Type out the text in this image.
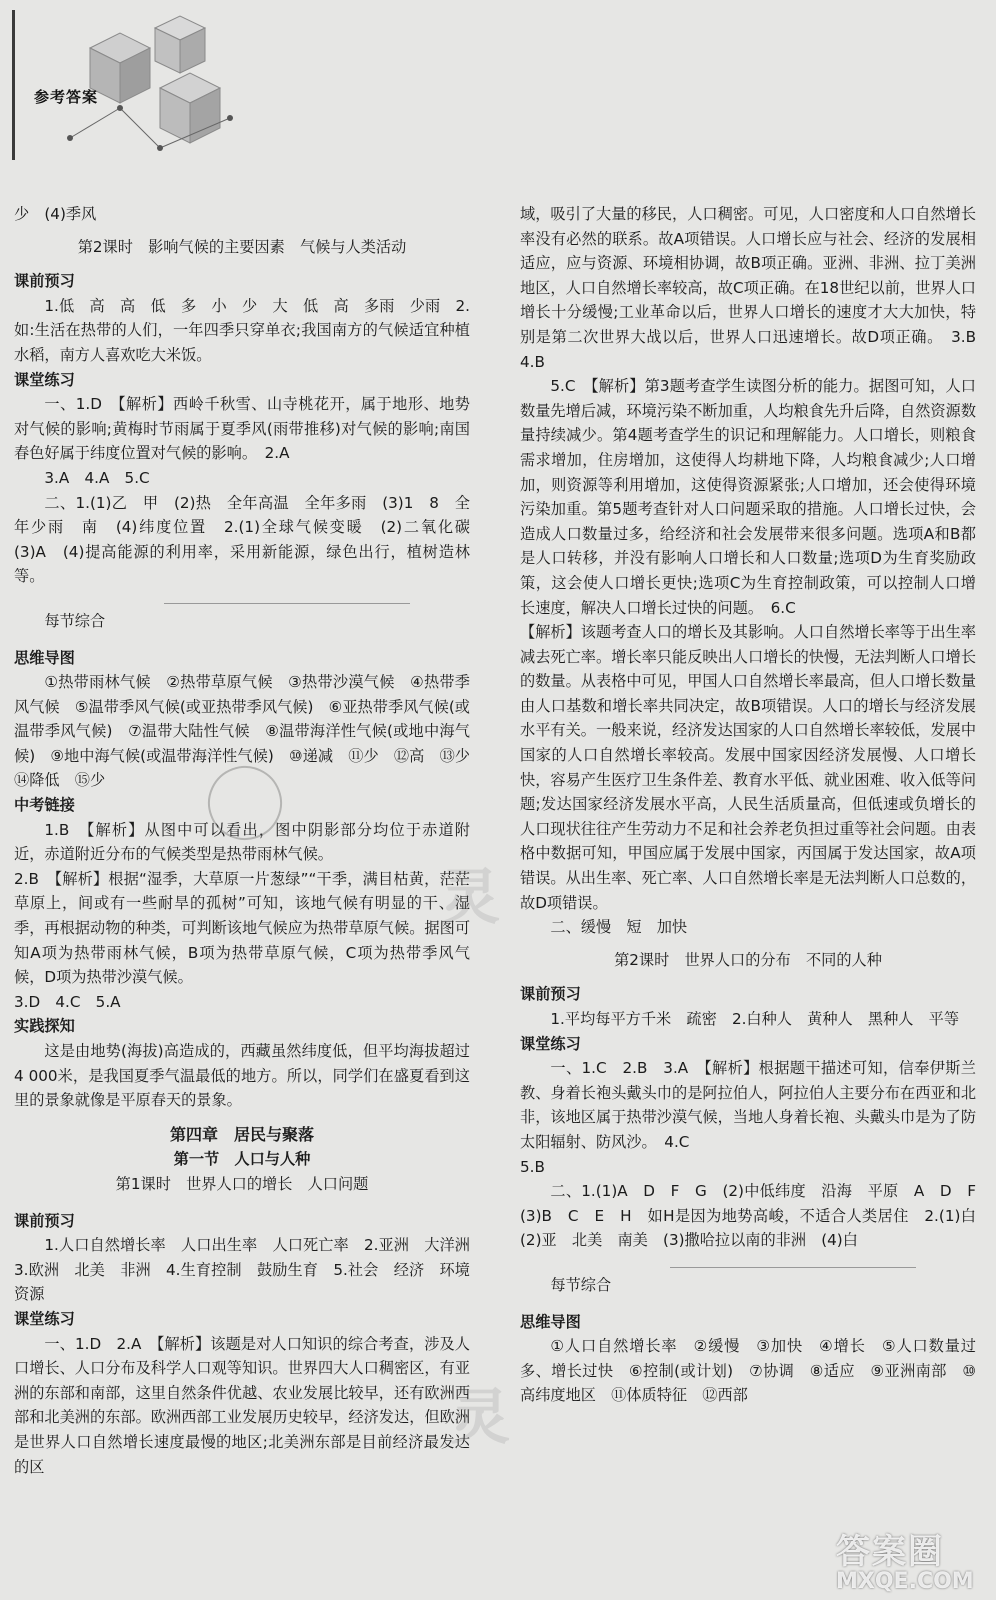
参考答案

少　(4)季风

第2课时　影响气候的主要因素　气候与人类活动

课前预习

1.低　高　高　低　多　小　少　大　低　高　多雨　少雨　2.如:生活在热带的人们，一年四季只穿单衣;我国南方的气候适宜种植水稻，南方人喜欢吃大米饭。

课堂练习

一、1.D　【解析】西岭千秋雪、山寺桃花开，属于地形、地势对气候的影响;黄梅时节雨属于夏季风(雨带推移)对气候的影响;南国春色好属于纬度位置对气候的影响。　2.A

3.A　4.A　5.C

二、1.(1)乙　甲　(2)热　全年高温　全年多雨　(3)1　8　全年少雨　南　(4)纬度位置　2.(1)全球气候变暖　(2)二氧化碳　(3)A　(4)提高能源的利用率，采用新能源，绿色出行，植树造林等。

每节综合

思维导图

①热带雨林气候　②热带草原气候　③热带沙漠气候　④热带季风气候　⑤温带季风气候(或亚热带季风气候)　⑥亚热带季风气候(或温带季风气候)　⑦温带大陆性气候　⑧温带海洋性气候(或地中海气候)　⑨地中海气候(或温带海洋性气候)　⑩递减　⑪少　⑫高　⑬少　⑭降低　⑮少

中考链接

1.B　【解析】从图中可以看出，图中阴影部分均位于赤道附近，赤道附近分布的气候类型是热带雨林气候。

2.B　【解析】根据“湿季，大草原一片葱绿”“干季，满目枯黄，茫茫草原上，间或有一些耐旱的孤树”可知，该地气候有明显的干、湿季，再根据动物的种类，可判断该地气候应为热带草原气候。据图可知A项为热带雨林气候，B项为热带草原气候，C项为热带季风气候，D项为热带沙漠气候。

3.D　4.C　5.A

实践探知

这是由地势(海拔)高造成的，西藏虽然纬度低，但平均海拔超过4 000米，是我国夏季气温最低的地方。所以，同学们在盛夏看到这里的景象就像是平原春天的景象。

第四章　居民与聚落

第一节　人口与人种

第1课时　世界人口的增长　人口问题

课前预习

1.人口自然增长率　人口出生率　人口死亡率　2.亚洲　大洋洲　3.欧洲　北美　非洲　4.生育控制　鼓励生育　5.社会　经济　环境　资源

课堂练习

一、1.D　2.A　【解析】该题是对人口知识的综合考查，涉及人口增长、人口分布及科学人口观等知识。世界四大人口稠密区，有亚洲的东部和南部，这里自然条件优越、农业发展比较早，还有欧洲西部和北美洲的东部。欧洲西部工业发展历史较早，经济发达，但欧洲是世界人口自然增长速度最慢的地区;北美洲东部是目前经济最发达的区

域，吸引了大量的移民，人口稠密。可见，人口密度和人口自然增长率没有必然的联系。故A项错误。人口增长应与社会、经济的发展相适应，应与资源、环境相协调，故B项正确。亚洲、非洲、拉丁美洲地区，人口自然增长率较高，故C项正确。在18世纪以前，世界人口增长十分缓慢;工业革命以后，世界人口增长的速度才大大加快，特别是第二次世界大战以后，世界人口迅速增长。故D项正确。　3.B　4.B

5.C　【解析】第3题考查学生读图分析的能力。据图可知，人口数量先增后减，环境污染不断加重，人均粮食先升后降，自然资源数量持续减少。第4题考查学生的识记和理解能力。人口增长，则粮食需求增加，住房增加，这使得人均耕地下降，人均粮食减少;人口增加，则资源等利用增加，这使得资源紧张;人口增加，还会使得环境污染加重。第5题考查针对人口问题采取的措施。人口增长过快，会造成人口数量过多，给经济和社会发展带来很多问题。选项A和B都是人口转移，并没有影响人口增长和人口数量;选项D为生育奖励政策，这会使人口增长更快;选项C为生育控制政策，可以控制人口增长速度，解决人口增长过快的问题。　6.C

【解析】该题考查人口的增长及其影响。人口自然增长率等于出生率减去死亡率。增长率只能反映出人口增长的快慢，无法判断人口增长的数量。从表格中可见，甲国人口自然增长率最高，但人口增长数量由人口基数和增长率共同决定，故B项错误。人口的增长与经济发展水平有关。一般来说，经济发达国家的人口自然增长率较低，发展中国家的人口自然增长率较高。发展中国家因经济发展慢、人口增长快，容易产生医疗卫生条件差、教育水平低、就业困难、收入低等问题;发达国家经济发展水平高，人民生活质量高，但低速或负增长的人口现状往往产生劳动力不足和社会养老负担过重等社会问题。由表格中数据可知，甲国应属于发展中国家，丙国属于发达国家，故A项错误。从出生率、死亡率、人口自然增长率是无法判断人口总数的，故D项错误。

二、缓慢　短　加快

第2课时　世界人口的分布　不同的人种

课前预习

1.平均每平方千米　疏密　2.白种人　黄种人　黑种人　平等

课堂练习

一、1.C　2.B　3.A　【解析】根据题干描述可知，信奉伊斯兰教、身着长袍头戴头巾的是阿拉伯人，阿拉伯人主要分布在西亚和北非，该地区属于热带沙漠气候，当地人身着长袍、头戴头巾是为了防太阳辐射、防风沙。　4.C

5.B

二、1.(1)A　D　F　G　(2)中低纬度　沿海　平原　A　D　F　(3)B　C　E　H　如H是因为地势高峻，不适合人类居住　2.(1)白　(2)亚　北美　南美　(3)撒哈拉以南的非洲　(4)白

每节综合

思维导图

①人口自然增长率　②缓慢　③加快　④增长　⑤人口数量过多、增长过快　⑥控制(或计划)　⑦协调　⑧适应　⑨亚洲南部　⑩高纬度地区　⑪体质特征　⑫西部

灵
灵
答案圈
MXQE.COM
